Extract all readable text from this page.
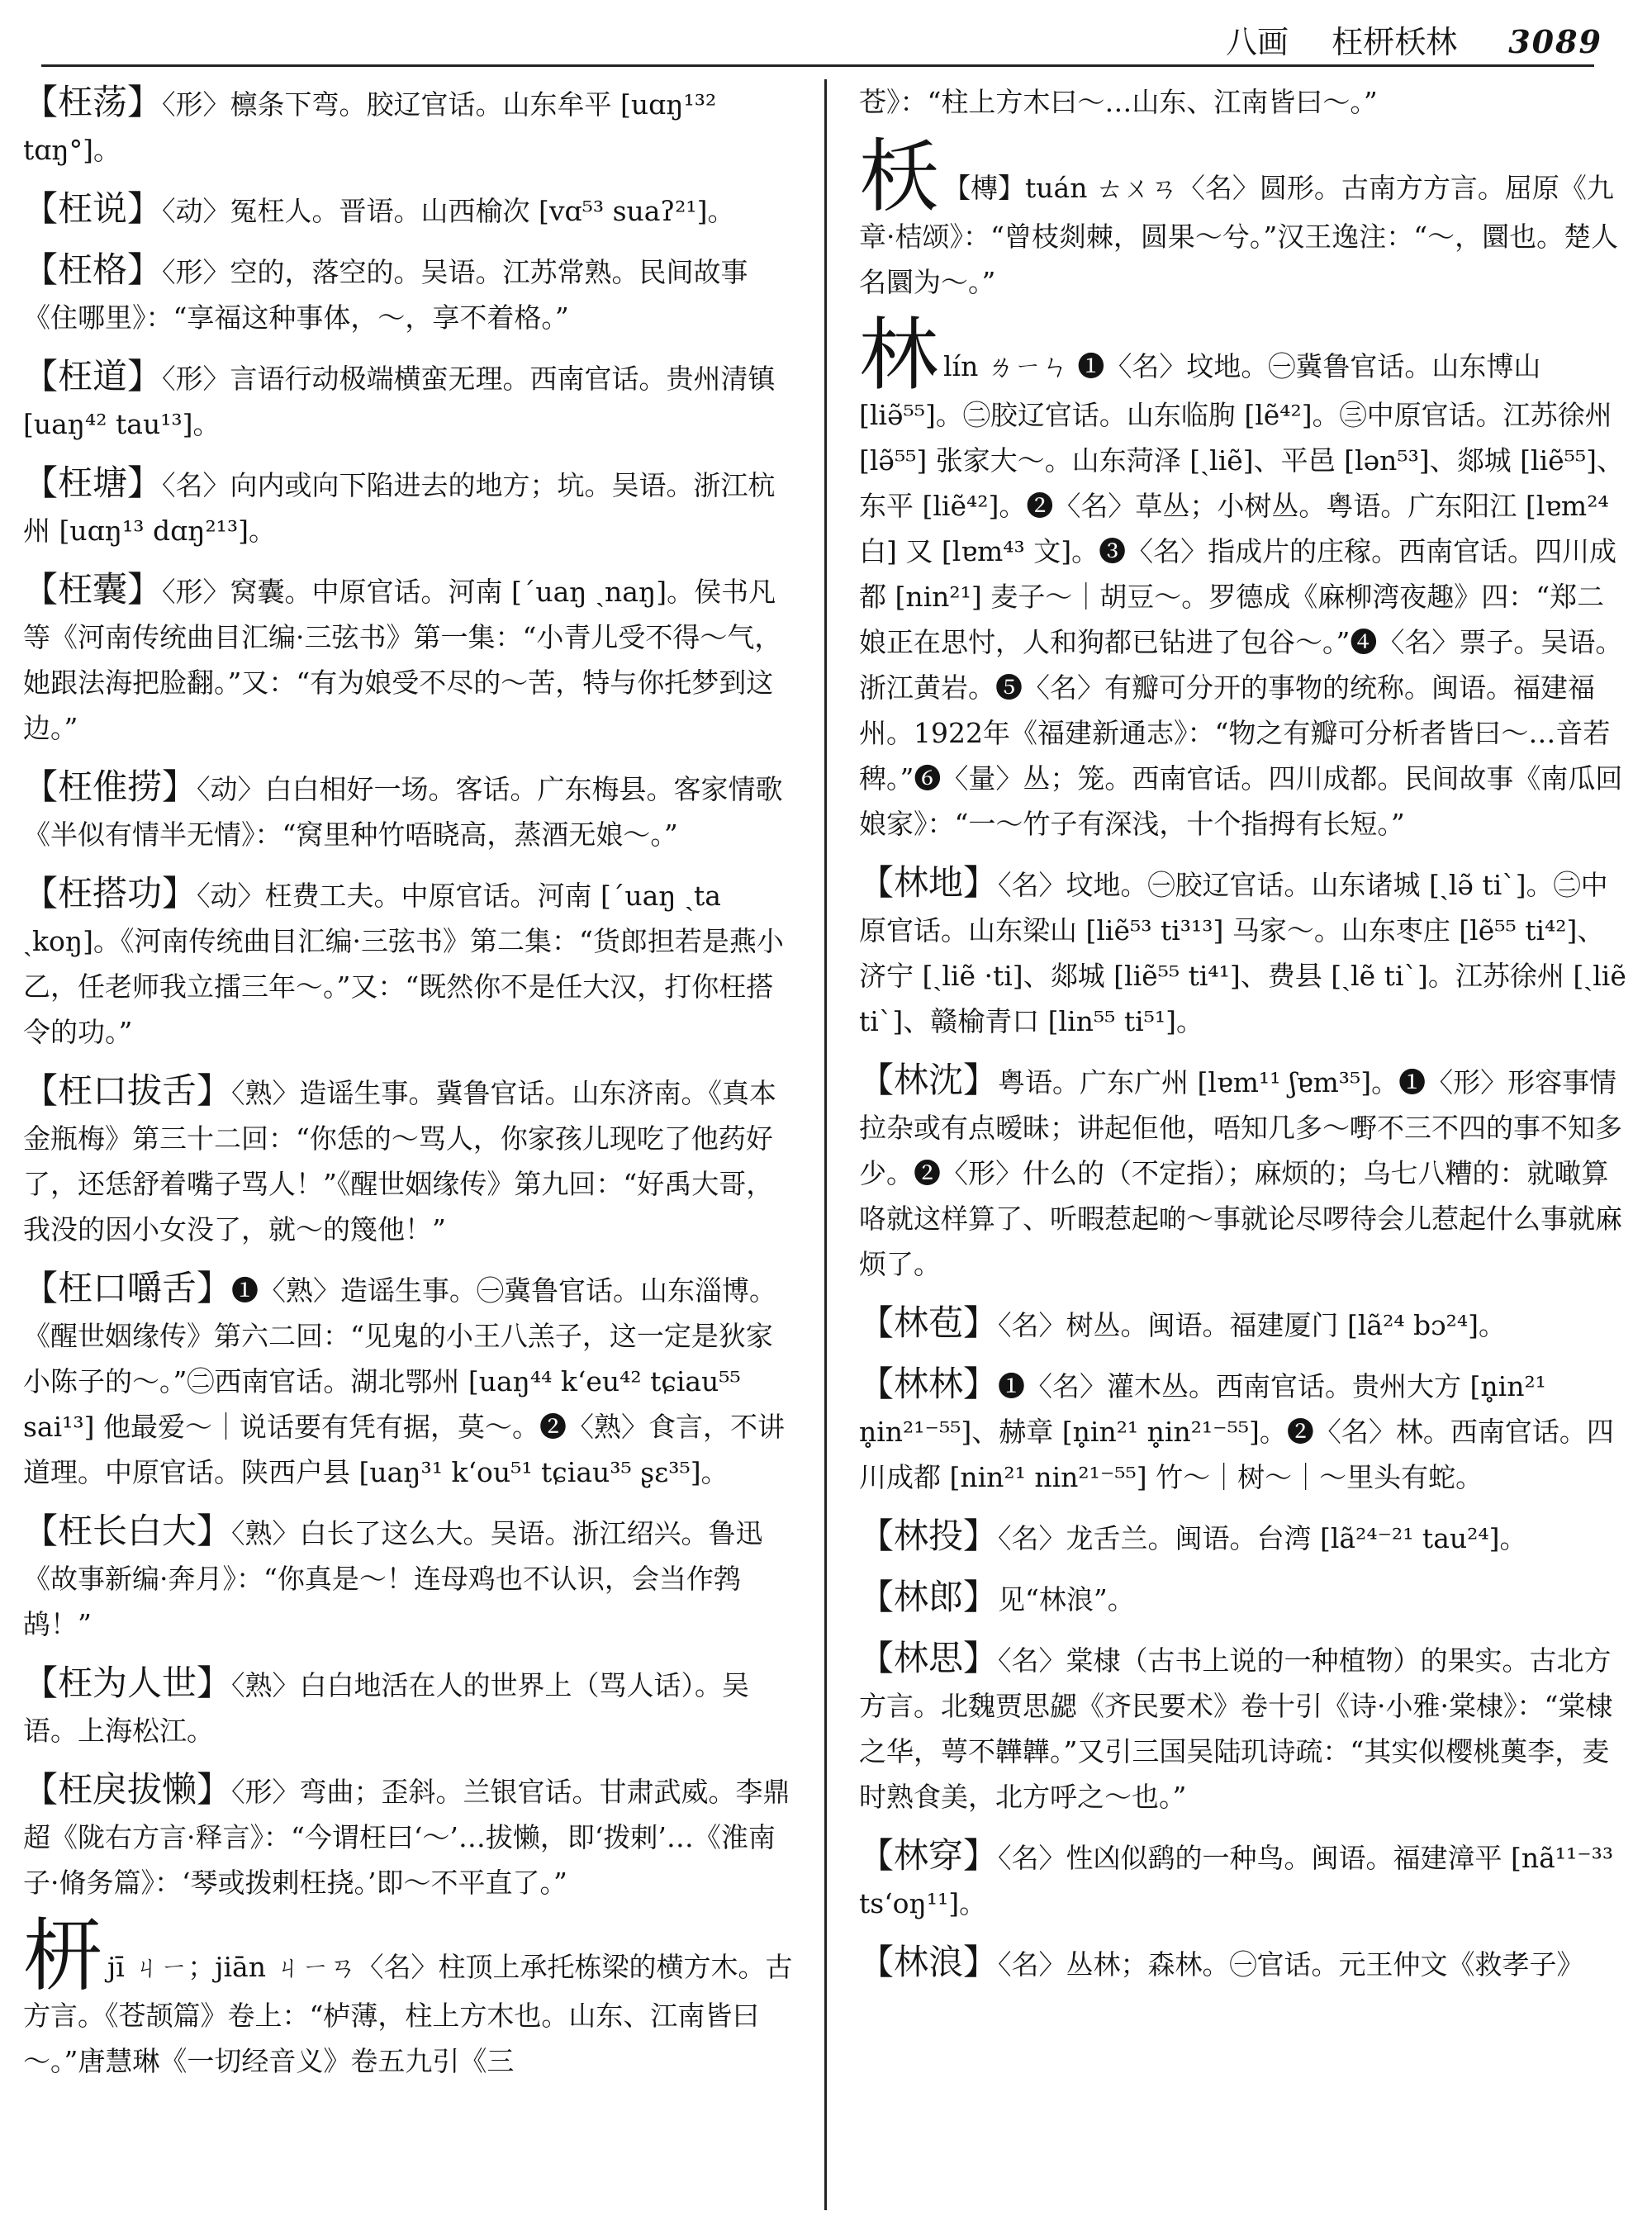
八画 枉枅枖林 3089

【枉荡】〈形〉檩条下弯。胶辽官话。山东牟平 [uɑŋ¹³² tɑŋ°]。

【枉说】〈动〉冤枉人。晋语。山西榆次 [vɑ⁵³ suaʔ²¹]。

【枉格】〈形〉空的，落空的。吴语。江苏常熟。民间故事《住哪里》：“享福这种事体，～，享不着格。”

【枉道】〈形〉言语行动极端横蛮无理。西南官话。贵州清镇 [uaŋ⁴² tau¹³]。

【枉塘】〈名〉向内或向下陷进去的地方；坑。吴语。浙江杭州 [uɑŋ¹³ dɑŋ²¹³]。

【枉囊】〈形〉窝囊。中原官话。河南 [ˊuaŋ ˏnaŋ]。侯书凡等《河南传统曲目汇编·三弦书》第一集：“小青儿受不得～气，她跟法海把脸翻。”又：“有为娘受不尽的～苦，特与你托梦到这边。”

【枉倠捞】〈动〉白白相好一场。客话。广东梅县。客家情歌《半似有情半无情》：“窝里种竹唔晓高，蒸酒无娘～。”

【枉搭功】〈动〉枉费工夫。中原官话。河南 [ˊuaŋ ˏta ˏkoŋ]。《河南传统曲目汇编·三弦书》第二集：“货郎担若是燕小乙，任老师我立擂三年～。”又：“既然你不是任大汉，打你枉搭令的功。”

【枉口拔舌】〈熟〉造谣生事。冀鲁官话。山东济南。《真本金瓶梅》第三十二回：“你恁的～骂人，你家孩儿现吃了他药好了，还恁舒着嘴子骂人！”《醒世姻缘传》第九回：“好禹大哥，我没的因小女没了，就～的篾他！”

【枉口嚼舌】❶〈熟〉造谣生事。㊀冀鲁官话。山东淄博。《醒世姻缘传》第六二回：“见鬼的小王八羔子，这一定是狄家小陈子的～。”㊁西南官话。湖北鄂州 [uaŋ⁴⁴ kʻeu⁴² tɕiau⁵⁵ sai¹³] 他最爱～｜说话要有凭有据，莫～。❷〈熟〉食言，不讲道理。中原官话。陕西户县 [uaŋ³¹ kʻou⁵¹ tɕiau³⁵ ʂɛ³⁵]。

【枉长白大】〈熟〉白长了这么大。吴语。浙江绍兴。鲁迅《故事新编·奔月》：“你真是～！连母鸡也不认识，会当作鹁鸪！”

【枉为人世】〈熟〉白白地活在人的世界上（骂人话）。吴语。上海松江。

【枉戾拔懒】〈形〉弯曲；歪斜。兰银官话。甘肃武威。李鼎超《陇右方言·释言》：“今谓枉曰‘～’…拔懒，即‘拨剌’…《淮南子·脩务篇》：‘琴或拨剌枉挠。’即～不平直了。”

枅jī ㄐㄧ；jiān ㄐㄧㄢ〈名〉柱顶上承托栋梁的横方木。古方言。《苍颉篇》卷上：“栌薄，柱上方木也。山东、江南皆曰～。”唐慧琳《一切经音义》卷五九引《三

苍》：“柱上方木曰～…山东、江南皆曰～。”

枖 【槫】tuán ㄊㄨㄢ〈名〉圆形。古南方方言。屈原《九章·桔颂》：“曾枝剡棘，圆果～兮。”汉王逸注：“～，圜也。楚人名圜为～。”

林lín ㄌㄧㄣ ❶〈名〉坟地。㊀冀鲁官话。山东博山 [liə̃⁵⁵]。㊁胶辽官话。山东临朐 [lẽ⁴²]。㊂中原官话。江苏徐州 [lə̃⁵⁵] 张家大～。山东菏泽 [ˏliẽ]、平邑 [lən⁵³]、郯城 [liẽ⁵⁵]、东平 [liẽ⁴²]。❷〈名〉草丛；小树丛。粤语。广东阳江 [lɐm²⁴白] 又 [lɐm⁴³ 文]。❸〈名〉指成片的庄稼。西南官话。四川成都 [nin²¹] 麦子～｜胡豆～。罗德成《麻柳湾夜趣》四：“郑二娘正在思忖，人和狗都已钻进了包谷～。”❹〈名〉票子。吴语。浙江黄岩。❺〈名〉有瓣可分开的事物的统称。闽语。福建福州。1922年《福建新通志》：“物之有瓣可分析者皆曰～…音若稗。”❻〈量〉丛；笼。西南官话。四川成都。民间故事《南瓜回娘家》：“一～竹子有深浅，十个指拇有长短。”

【林地】〈名〉坟地。㊀胶辽官话。山东诸城 [ˏlə̃ tiˋ]。㊁中原官话。山东梁山 [liẽ⁵³ ti³¹³] 马家～。山东枣庄 [lẽ⁵⁵ ti⁴²]、济宁 [ˏliẽ ·ti]、郯城 [liẽ⁵⁵ ti⁴¹]、费县 [ˏlẽ tiˋ]。江苏徐州 [ˏliẽ tiˋ]、赣榆青口 [lin⁵⁵ ti⁵¹]。

【林沈】粤语。广东广州 [lɐm¹¹ ʃɐm³⁵]。❶〈形〉形容事情拉杂或有点暧昧；讲起佢他，唔知几多～嘢不三不四的事不知多少。❷〈形〉什么的（不定指）；麻烦的；乌七八糟的：就噉算咯就这样算了、听暇惹起啲～事就论尽啰待会儿惹起什么事就麻烦了。

【林苞】〈名〉树丛。闽语。福建厦门 [lã²⁴ bɔ²⁴]。

【林林】❶〈名〉灌木丛。西南官话。贵州大方 [n̥in²¹ n̥in²¹⁻⁵⁵]、赫章 [n̥in²¹ n̥in²¹⁻⁵⁵]。❷〈名〉林。西南官话。四川成都 [nin²¹ nin²¹⁻⁵⁵] 竹～｜树～｜～里头有蛇。

【林投】〈名〉龙舌兰。闽语。台湾 [lã²⁴⁻²¹ tau²⁴]。

【林郎】见“林浪”。

【林思】〈名〉棠棣（古书上说的一种植物）的果实。古北方方言。北魏贾思勰《齐民要术》卷十引《诗·小雅·棠棣》：“棠棣之华，萼不韡韡。”又引三国吴陆玑诗疏：“其实似樱桃薁李，麦时熟食美，北方呼之～也。”

【林穿】〈名〉性凶似鹞的一种鸟。闽语。福建漳平 [nã¹¹⁻³³ tsʻoŋ¹¹]。

【林浪】〈名〉丛林；森林。㊀官话。元王仲文《救孝子》
